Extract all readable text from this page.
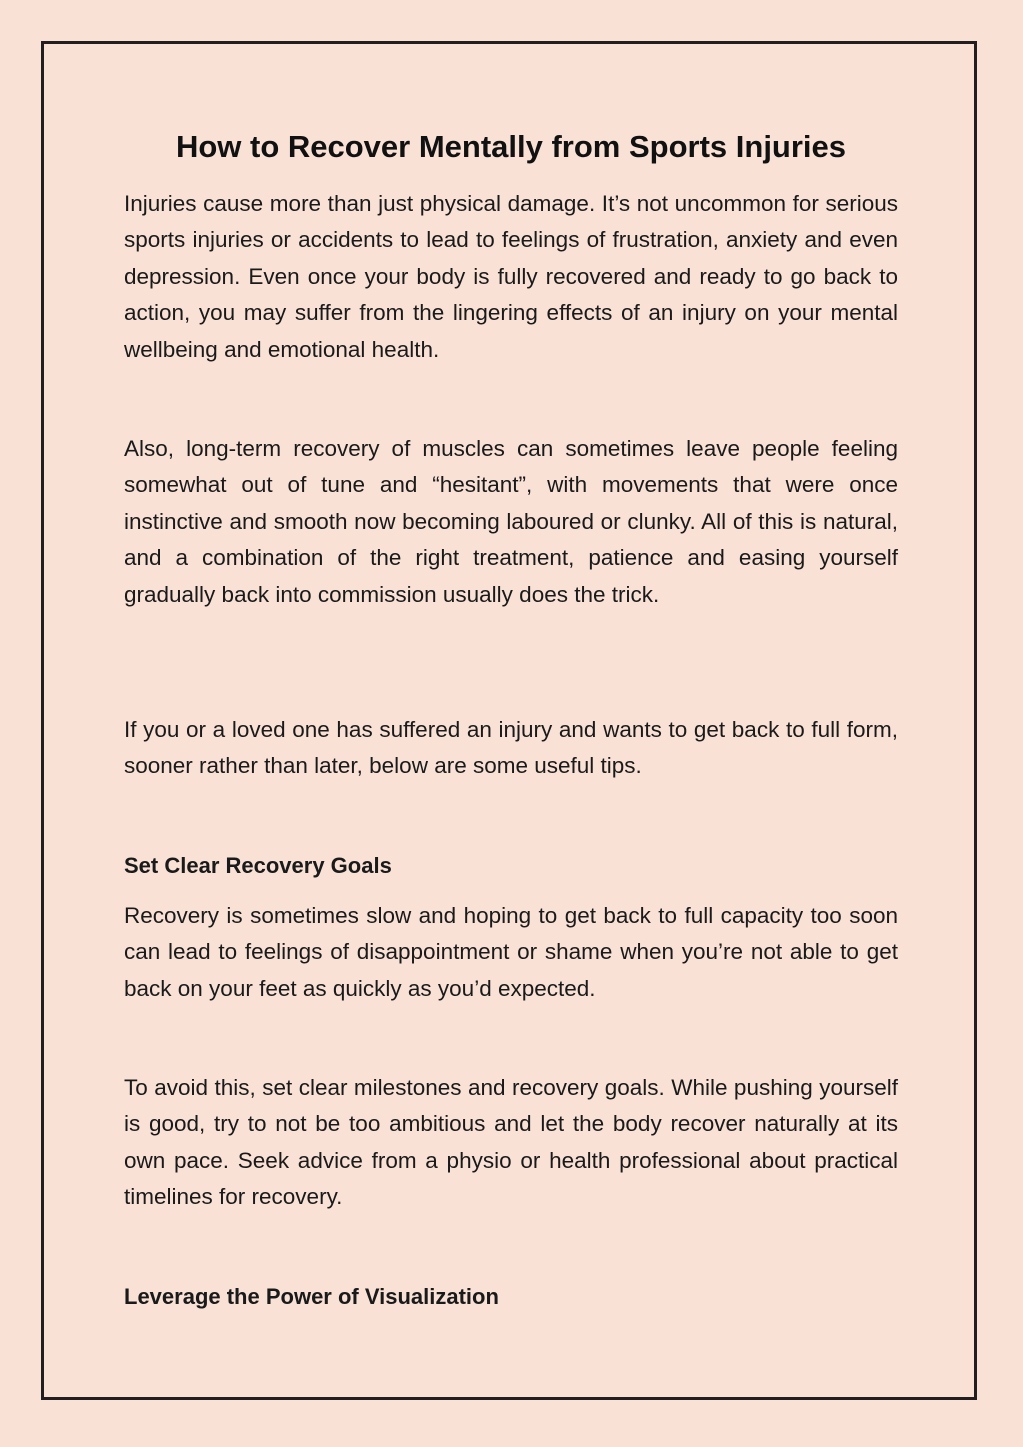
How to Recover Mentally from Sports Injuries

Injuries cause more than just physical damage. It’s not uncommon for serious sports injuries or accidents to lead to feelings of frustration, anxiety and even depression. Even once your body is fully recovered and ready to go back to action, you may suffer from the lingering effects of an injury on your mental wellbeing and emotional health.

Also, long-term recovery of muscles can sometimes leave people feeling somewhat out of tune and “hesitant”, with movements that were once instinctive and smooth now becoming laboured or clunky. All of this is natural, and a combination of the right treatment, patience and easing yourself gradually back into commission usually does the trick.

If you or a loved one has suffered an injury and wants to get back to full form, sooner rather than later, below are some useful tips.

Set Clear Recovery Goals

Recovery is sometimes slow and hoping to get back to full capacity too soon can lead to feelings of disappointment or shame when you’re not able to get back on your feet as quickly as you’d expected.

To avoid this, set clear milestones and recovery goals. While pushing yourself is good, try to not be too ambitious and let the body recover naturally at its own pace. Seek advice from a physio or health professional about practical timelines for recovery.

Leverage the Power of Visualization
